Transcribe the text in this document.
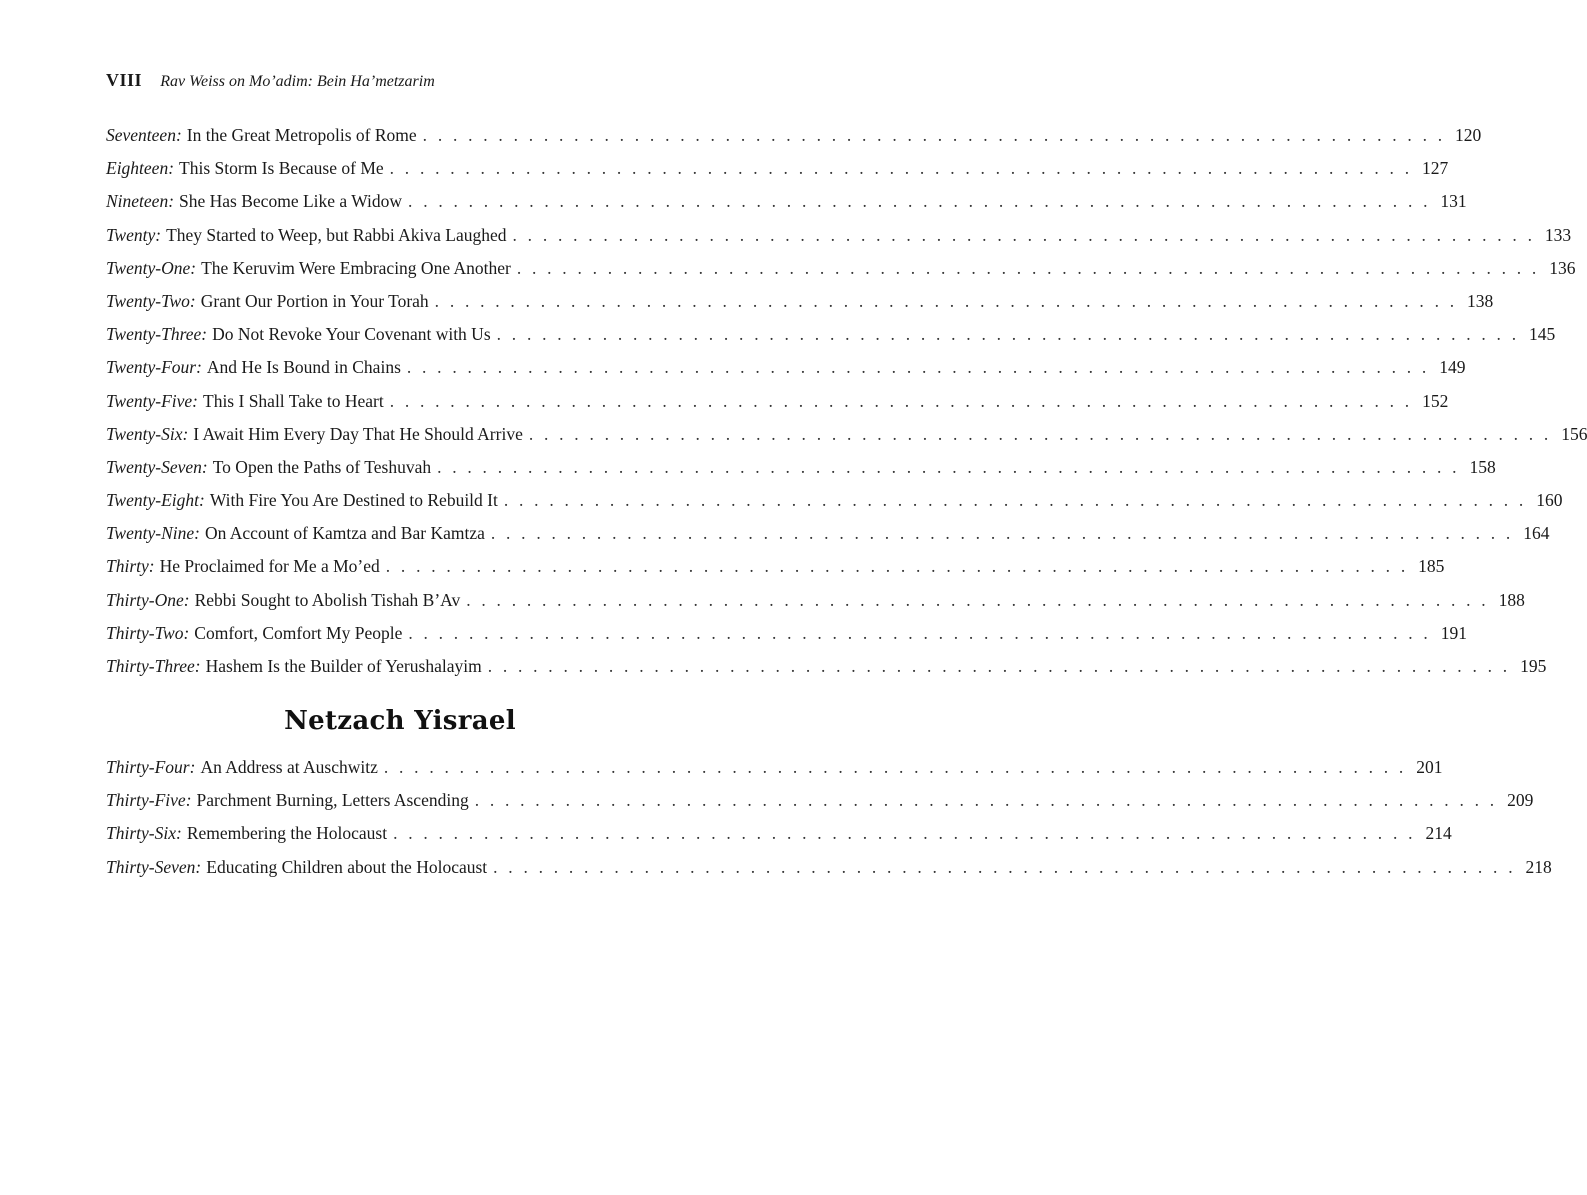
VIII Rav Weiss on Mo’adim: Bein Ha’metzarim
Seventeen: In the Great Metropolis of Rome . . . . . . . . . . . . . . . . . . . . . . . . . . . . . . . . . . . . . . . . . . . . . . . . . . . . . . . . . . . . . . . . . . . . 120
Eighteen: This Storm Is Because of Me . . . . . . . . . . . . . . . . . . . . . . . . . . . . . . . . . . . . . . . . . . . . . . . . . . . . . . . . . . . . . . . . . . . . 127
Nineteen: She Has Become Like a Widow . . . . . . . . . . . . . . . . . . . . . . . . . . . . . . . . . . . . . . . . . . . . . . . . . . . . . . . . . . . . . . . . . . . . 131
Twenty: They Started to Weep, but Rabbi Akiva Laughed . . . . . . . . . . . . . . . . . . . . . . . . . . . . . . . . . . . . . . . . . . . . . . . . . . . . . . . . . . . . . . . . . . . . 133
Twenty-One: The Keruvim Were Embracing One Another . . . . . . . . . . . . . . . . . . . . . . . . . . . . . . . . . . . . . . . . . . . . . . . . . . . . . . . . . . . . . . . . . . . . 136
Twenty-Two: Grant Our Portion in Your Torah . . . . . . . . . . . . . . . . . . . . . . . . . . . . . . . . . . . . . . . . . . . . . . . . . . . . . . . . . . . . . . . . . . . . 138
Twenty-Three: Do Not Revoke Your Covenant with Us . . . . . . . . . . . . . . . . . . . . . . . . . . . . . . . . . . . . . . . . . . . . . . . . . . . . . . . . . . . . . . . . . . . . 145
Twenty-Four: And He Is Bound in Chains . . . . . . . . . . . . . . . . . . . . . . . . . . . . . . . . . . . . . . . . . . . . . . . . . . . . . . . . . . . . . . . . . . . . 149
Twenty-Five: This I Shall Take to Heart . . . . . . . . . . . . . . . . . . . . . . . . . . . . . . . . . . . . . . . . . . . . . . . . . . . . . . . . . . . . . . . . . . . . 152
Twenty-Six: I Await Him Every Day That He Should Arrive . . . . . . . . . . . . . . . . . . . . . . . . . . . . . . . . . . . . . . . . . . . . . . . . . . . . . . . . . . . . . . . . . . . . 156
Twenty-Seven: To Open the Paths of Teshuvah . . . . . . . . . . . . . . . . . . . . . . . . . . . . . . . . . . . . . . . . . . . . . . . . . . . . . . . . . . . . . . . . . . . . 158
Twenty-Eight: With Fire You Are Destined to Rebuild It . . . . . . . . . . . . . . . . . . . . . . . . . . . . . . . . . . . . . . . . . . . . . . . . . . . . . . . . . . . . . . . . . . . . 160
Twenty-Nine: On Account of Kamtza and Bar Kamtza . . . . . . . . . . . . . . . . . . . . . . . . . . . . . . . . . . . . . . . . . . . . . . . . . . . . . . . . . . . . . . . . . . . . 164
Thirty: He Proclaimed for Me a Mo’ed . . . . . . . . . . . . . . . . . . . . . . . . . . . . . . . . . . . . . . . . . . . . . . . . . . . . . . . . . . . . . . . . . . . . 185
Thirty-One: Rebbi Sought to Abolish Tishah B’Av . . . . . . . . . . . . . . . . . . . . . . . . . . . . . . . . . . . . . . . . . . . . . . . . . . . . . . . . . . . . . . . . . . . . 188
Thirty-Two: Comfort, Comfort My People . . . . . . . . . . . . . . . . . . . . . . . . . . . . . . . . . . . . . . . . . . . . . . . . . . . . . . . . . . . . . . . . . . . . 191
Thirty-Three: Hashem Is the Builder of Yerushalayim . . . . . . . . . . . . . . . . . . . . . . . . . . . . . . . . . . . . . . . . . . . . . . . . . . . . . . . . . . . . . . . . . . . . 195
Netzach Yisrael
Thirty-Four: An Address at Auschwitz . . . . . . . . . . . . . . . . . . . . . . . . . . . . . . . . . . . . . . . . . . . . . . . . . . . . . . . . . . . . . . . . . . . . 201
Thirty-Five: Parchment Burning, Letters Ascending . . . . . . . . . . . . . . . . . . . . . . . . . . . . . . . . . . . . . . . . . . . . . . . . . . . . . . . . . . . . . . . . . . . . 209
Thirty-Six: Remembering the Holocaust . . . . . . . . . . . . . . . . . . . . . . . . . . . . . . . . . . . . . . . . . . . . . . . . . . . . . . . . . . . . . . . . . . . . 214
Thirty-Seven: Educating Children about the Holocaust . . . . . . . . . . . . . . . . . . . . . . . . . . . . . . . . . . . . . . . . . . . . . . . . . . . . . . . . . . . . . . . . . . . . 218
